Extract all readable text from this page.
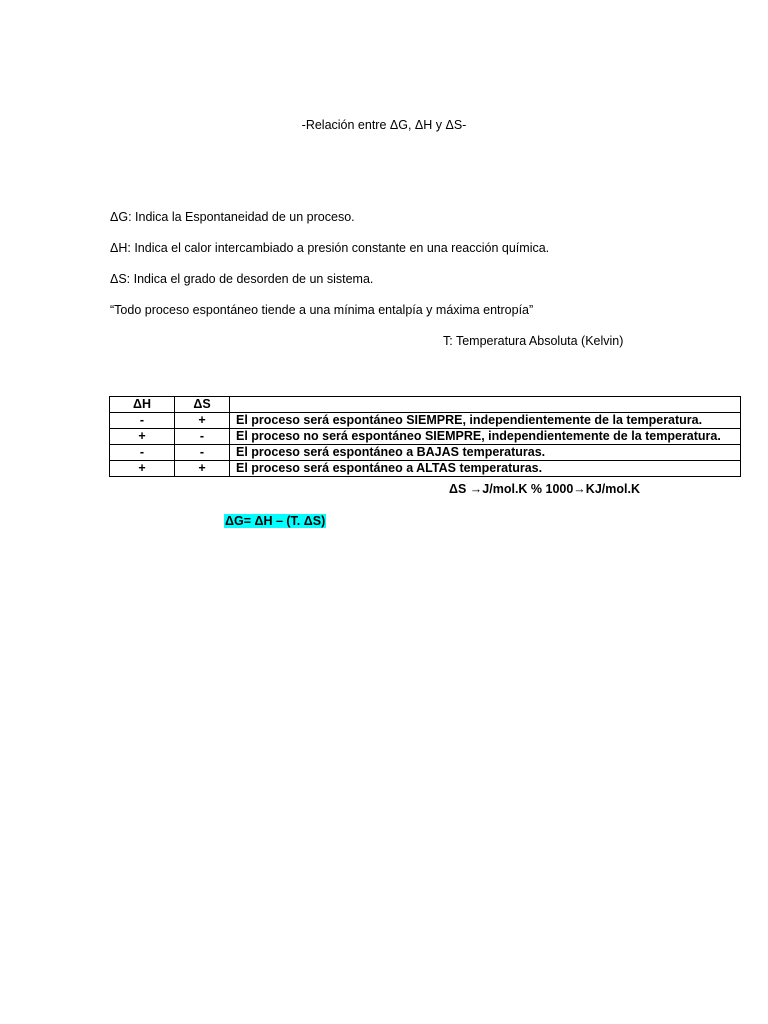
-Relación entre ΔG, ΔH y ΔS-
ΔG: Indica la Espontaneidad de un proceso.
ΔH: Indica el calor intercambiado a presión constante en una reacción química.
ΔS: Indica el grado de desorden de un sistema.
“Todo proceso espontáneo tiende a una mínima entalpía y máxima entropía”
T: Temperatura Absoluta (Kelvin)
ΔH	ΔS	
-	+	El proceso será espontáneo SIEMPRE, independientemente de la temperatura.
+	-	El proceso no será espontáneo SIEMPRE, independientemente de la temperatura.
-	-	El proceso será espontáneo a BAJAS temperaturas.
+	+	El proceso será espontáneo a ALTAS temperaturas.
ΔS →J/mol.K % 1000→KJ/mol.K
ΔG= ΔH – (T. ΔS)
